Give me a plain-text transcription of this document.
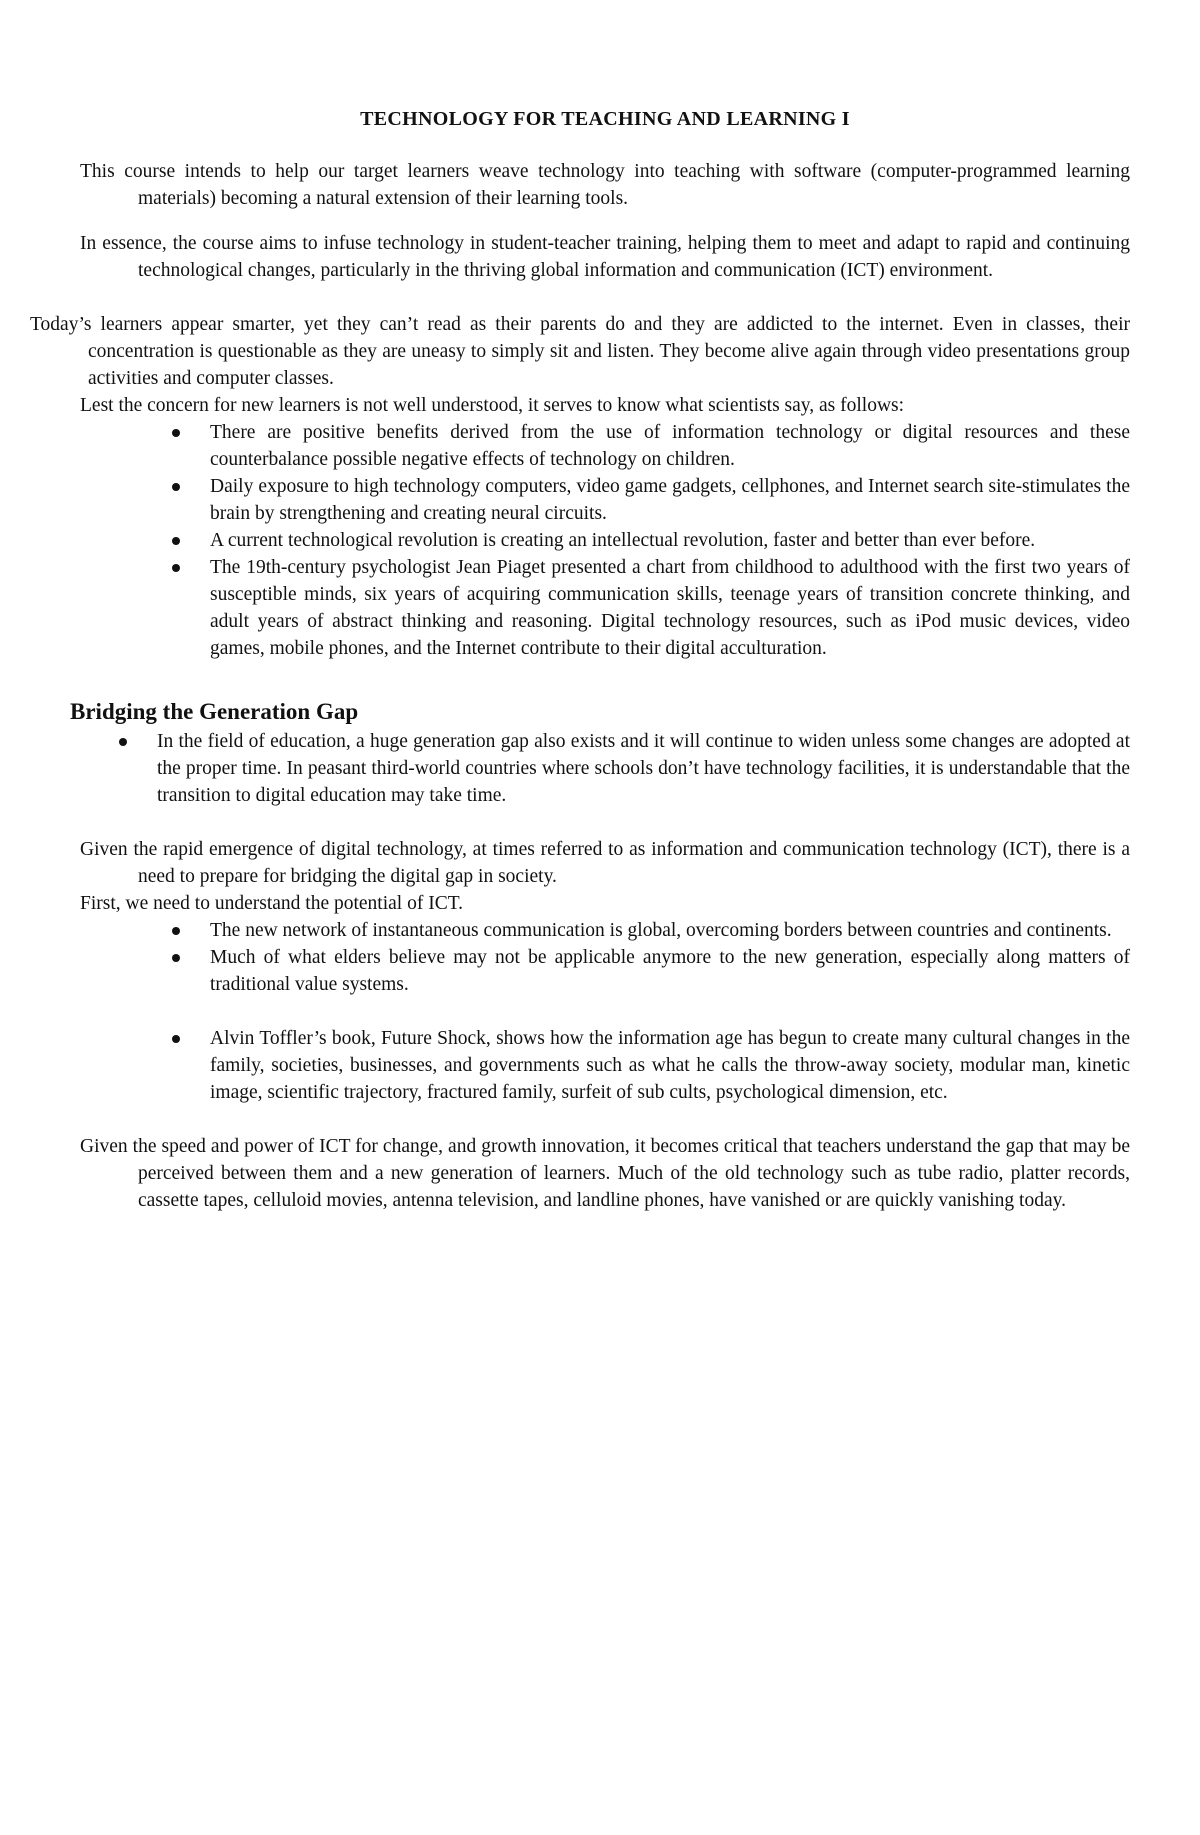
TECHNOLOGY FOR TEACHING AND LEARNING I

This course intends to help our target learners weave technology into teaching with software (computer-programmed learning materials) becoming a natural extension of their learning tools.

In essence, the course aims to infuse technology in student-teacher training, helping them to meet and adapt to rapid and continuing technological changes, particularly in the thriving global information and communication (ICT) environment.

Today’s learners appear smarter, yet they can’t read as their parents do and they are addicted to the internet. Even in classes, their concentration is questionable as they are uneasy to simply sit and listen. They become alive again through video presentations group activities and computer classes.

Lest the concern for new learners is not well understood, it serves to know what scientists say, as follows:

There are positive benefits derived from the use of information technology or digital resources and these counterbalance possible negative effects of technology on children.
Daily exposure to high technology computers, video game gadgets, cellphones, and Internet search site-stimulates the brain by strengthening and creating neural circuits.
A current technological revolution is creating an intellectual revolution, faster and better than ever before.
The 19th-century psychologist Jean Piaget presented a chart from childhood to adulthood with the first two years of susceptible minds, six years of acquiring communication skills, teenage years of transition concrete thinking, and adult years of abstract thinking and reasoning. Digital technology resources, such as iPod music devices, video games, mobile phones, and the Internet contribute to their digital acculturation.
Bridging the Generation Gap
In the field of education, a huge generation gap also exists and it will continue to widen unless some changes are adopted at the proper time. In peasant third-world countries where schools don’t have technology facilities, it is understandable that the transition to digital education may take time.

Given the rapid emergence of digital technology, at times referred to as information and communication technology (ICT), there is a need to prepare for bridging the digital gap in society.

First, we need to understand the potential of ICT.

The new network of instantaneous communication is global, overcoming borders between countries and continents.
Much of what elders believe may not be applicable anymore to the new generation, especially along matters of traditional value systems.
Alvin Toffler’s book, Future Shock, shows how the information age has begun to create many cultural changes in the family, societies, businesses, and governments such as what he calls the throw-away society, modular man, kinetic image, scientific trajectory, fractured family, surfeit of sub cults, psychological dimension, etc.

Given the speed and power of ICT for change, and growth innovation, it becomes critical that teachers understand the gap that may be perceived between them and a new generation of learners. Much of the old technology such as tube radio, platter records, cassette tapes, celluloid movies, antenna television, and landline phones, have vanished or are quickly vanishing today.
